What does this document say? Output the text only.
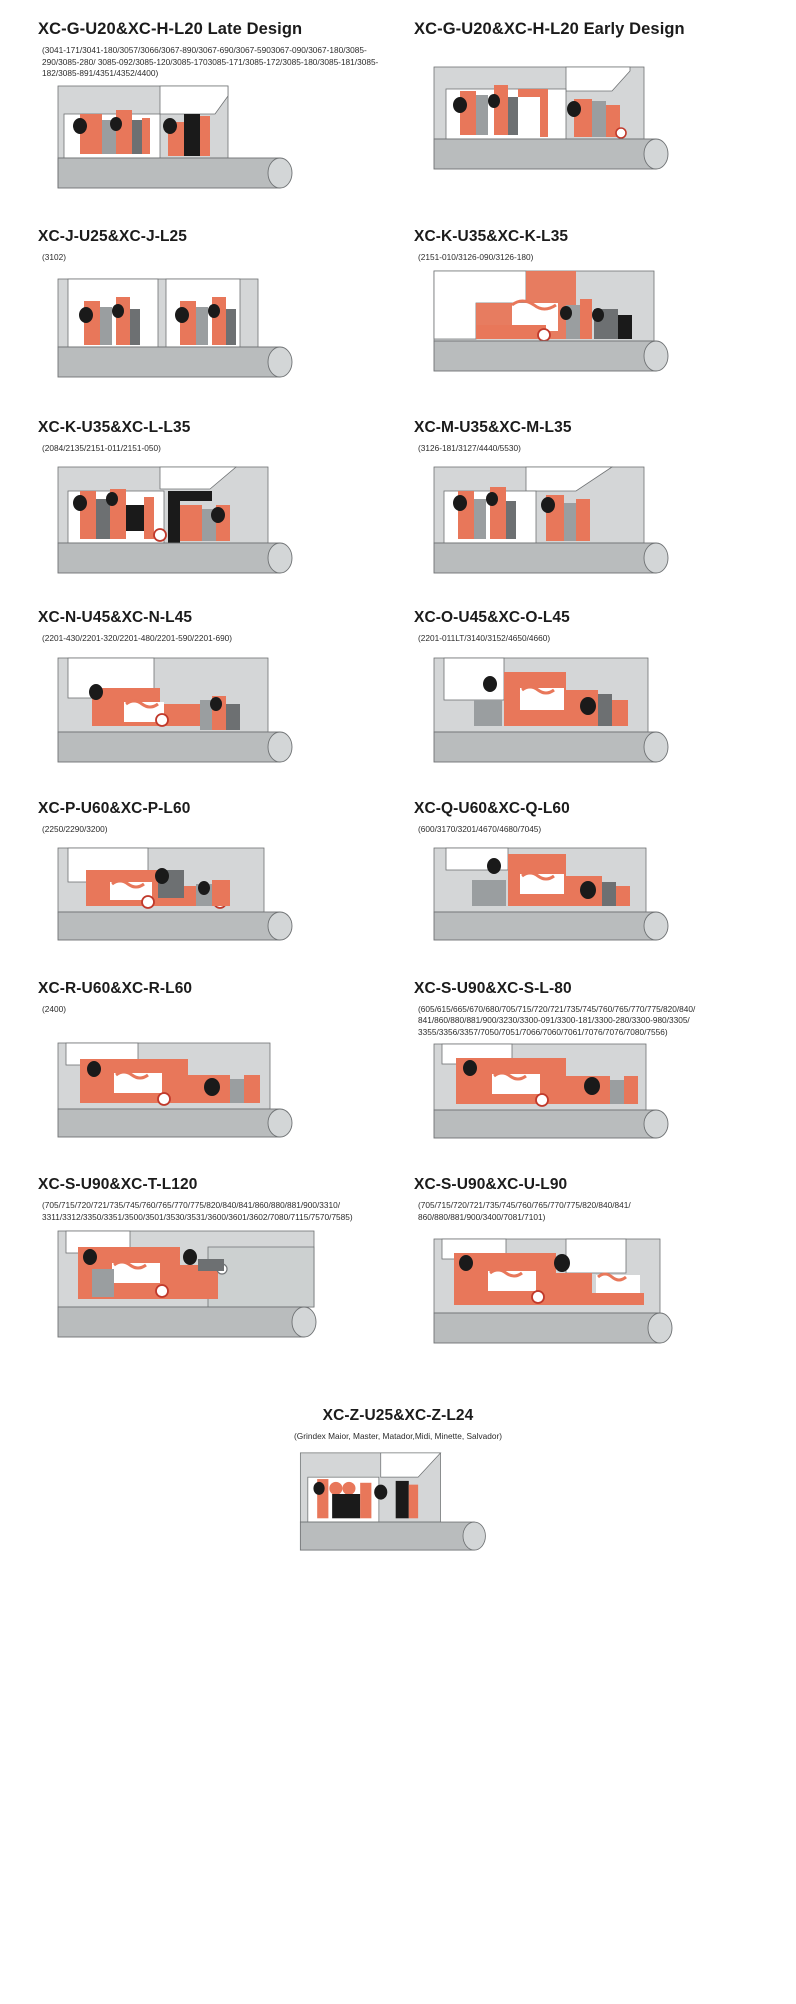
XC-G-U20&XC-H-L20 Late Design
(3041-171/3041-180/3057/3066/3067-890/3067-690/3067-5903067-090/3067-180/3085-290/3085-280/ 3085-092/3085-120/3085-1703085-171/3085-172/3085-180/3085-181/3085-182/3085-891/4351/4352/4400)
XC-G-U20&XC-H-L20 Early Design
XC-J-U25&XC-J-L25
(3102)
XC-K-U35&XC-K-L35
(2151-010/3126-090/3126-180)
XC-K-U35&XC-L-L35
(2084/2135/2151-011/2151-050)
XC-M-U35&XC-M-L35
(3126-181/3127/4440/5530)
XC-N-U45&XC-N-L45
(2201-430/2201-320/2201-480/2201-590/2201-690)
XC-O-U45&XC-O-L45
(2201-011LT/3140/3152/4650/4660)
XC-P-U60&XC-P-L60
(2250/2290/3200)
XC-Q-U60&XC-Q-L60
(600/3170/3201/4670/4680/7045)
XC-R-U60&XC-R-L60
(2400)
XC-S-U90&XC-S-L-80
(605/615/665/670/680/705/715/720/721/735/745/760/765/770/775/820/840/ 841/860/880/881/900/3230/3300-091/3300-181/3300-280/3300-980/3305/ 3355/3356/3357/7050/7051/7066/7060/7061/7076/7076/7080/7556)
XC-S-U90&XC-T-L120
(705/715/720/721/735/745/760/765/770/775/820/840/841/860/880/881/900/3310/ 3311/3312/3350/3351/3500/3501/3530/3531/3600/3601/3602/7080/7115/7570/7585)
XC-S-U90&XC-U-L90
(705/715/720/721/735/745/760/765/770/775/820/840/841/ 860/880/881/900/3400/7081/7101)
XC-Z-U25&XC-Z-L24
(Grindex Maior, Master, Matador,Midi, Minette, Salvador)
